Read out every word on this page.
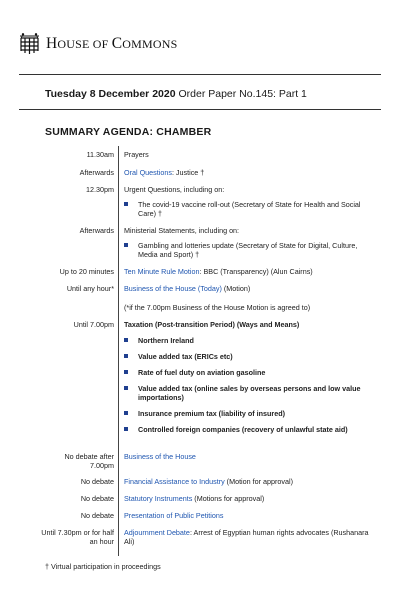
HOUSE OF COMMONS
Tuesday 8 December 2020 Order Paper No.145: Part 1
SUMMARY AGENDA: CHAMBER
11.30am Prayers
Afterwards Oral Questions: Justice †
12.30pm Urgent Questions, including on:
The covid-19 vaccine roll-out (Secretary of State for Health and Social Care) †
Afterwards Ministerial Statements, including on:
Gambling and lotteries update (Secretary of State for Digital, Culture, Media and Sport) †
Up to 20 minutes Ten Minute Rule Motion: BBC (Transparency) (Alun Cairns)
Until any hour* Business of the House (Today) (Motion)
(*if the 7.00pm Business of the House Motion is agreed to)
Until 7.00pm Taxation (Post-transition Period) (Ways and Means)
Northern Ireland
Value added tax (ERICs etc)
Rate of fuel duty on aviation gasoline
Value added tax (online sales by overseas persons and low value importations)
Insurance premium tax (liability of insured)
Controlled foreign companies (recovery of unlawful state aid)
No debate after 7.00pm
Business of the House
No debate Financial Assistance to Industry (Motion for approval)
No debate Statutory Instruments (Motions for approval)
No debate Presentation of Public Petitions
Until 7.30pm or for half an hour
Adjournment Debate: Arrest of Egyptian human rights advocates (Rushanara Ali)
† Virtual participation in proceedings
